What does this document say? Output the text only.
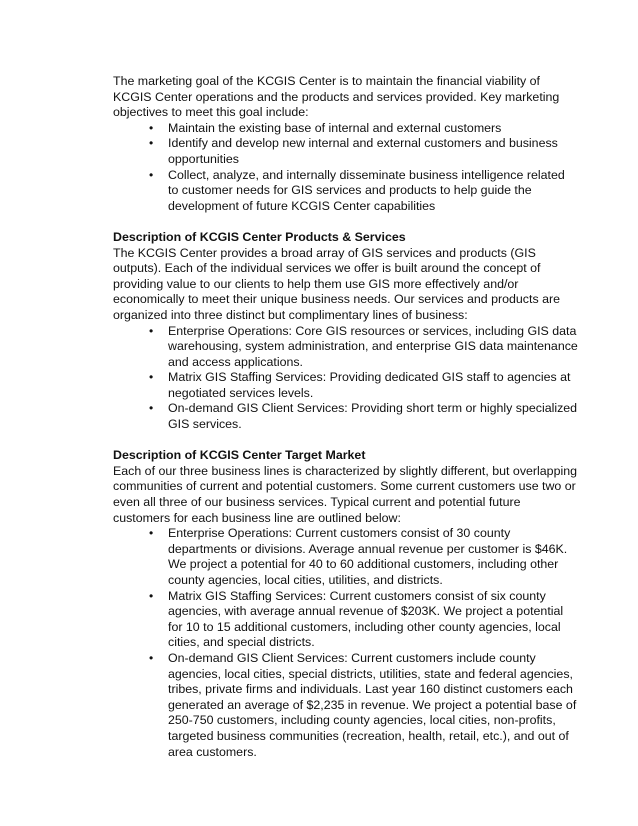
The marketing goal of the KCGIS Center is to maintain the financial viability of KCGIS Center operations and the products and services provided. Key marketing objectives to meet this goal include:

• Maintain the existing base of internal and external customers
• Identify and develop new internal and external customers and business opportunities
• Collect, analyze, and internally disseminate business intelligence related to customer needs for GIS services and products to help guide the development of future KCGIS Center capabilities

Description of KCGIS Center Products & Services

The KCGIS Center provides a broad array of GIS services and products (GIS outputs). Each of the individual services we offer is built around the concept of providing value to our clients to help them use GIS more effectively and/or economically to meet their unique business needs. Our services and products are organized into three distinct but complimentary lines of business:

• Enterprise Operations: Core GIS resources or services, including GIS data warehousing, system administration, and enterprise GIS data maintenance and access applications.
• Matrix GIS Staffing Services: Providing dedicated GIS staff to agencies at negotiated services levels.
• On-demand GIS Client Services: Providing short term or highly specialized GIS services.

Description of KCGIS Center Target Market

Each of our three business lines is characterized by slightly different, but overlapping communities of current and potential customers. Some current customers use two or even all three of our business services. Typical current and potential future customers for each business line are outlined below:

• Enterprise Operations: Current customers consist of 30 county departments or divisions. Average annual revenue per customer is $46K. We project a potential for 40 to 60 additional customers, including other county agencies, local cities, utilities, and districts.
• Matrix GIS Staffing Services: Current customers consist of six county agencies, with average annual revenue of $203K. We project a potential for 10 to 15 additional customers, including other county agencies, local cities, and special districts.
• On-demand GIS Client Services: Current customers include county agencies, local cities, special districts, utilities, state and federal agencies, tribes, private firms and individuals. Last year 160 distinct customers each generated an average of $2,235 in revenue. We project a potential base of 250-750 customers, including county agencies, local cities, non-profits, targeted business communities (recreation, health, retail, etc.), and out of area customers.
